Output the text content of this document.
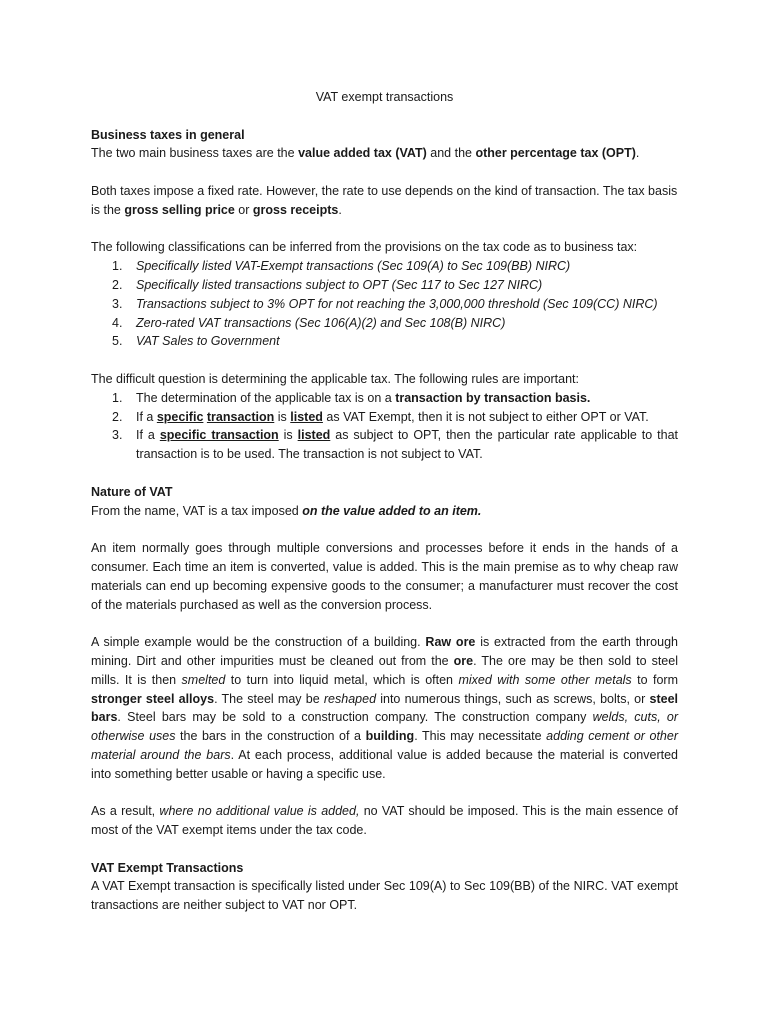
VAT exempt transactions

Business taxes in general

The two main business taxes are the value added tax (VAT) and the other percentage tax (OPT).

Both taxes impose a fixed rate. However, the rate to use depends on the kind of transaction. The tax basis is the gross selling price or gross receipts.

The following classifications can be inferred from the provisions on the tax code as to business tax:

1. Specifically listed VAT-Exempt transactions (Sec 109(A) to Sec 109(BB) NIRC)
2. Specifically listed transactions subject to OPT (Sec 117 to Sec 127 NIRC)
3. Transactions subject to 3% OPT for not reaching the 3,000,000 threshold (Sec 109(CC) NIRC)
4. Zero-rated VAT transactions (Sec 106(A)(2) and Sec 108(B) NIRC)
5. VAT Sales to Government

The difficult question is determining the applicable tax. The following rules are important:

1. The determination of the applicable tax is on a transaction by transaction basis.
2. If a specific transaction is listed as VAT Exempt, then it is not subject to either OPT or VAT.
3. If a specific transaction is listed as subject to OPT, then the particular rate applicable to that transaction is to be used. The transaction is not subject to VAT.

Nature of VAT

From the name, VAT is a tax imposed on the value added to an item.

An item normally goes through multiple conversions and processes before it ends in the hands of a consumer. Each time an item is converted, value is added. This is the main premise as to why cheap raw materials can end up becoming expensive goods to the consumer; a manufacturer must recover the cost of the materials purchased as well as the conversion process.

A simple example would be the construction of a building. Raw ore is extracted from the earth through mining. Dirt and other impurities must be cleaned out from the ore. The ore may be then sold to steel mills. It is then smelted to turn into liquid metal, which is often mixed with some other metals to form stronger steel alloys. The steel may be reshaped into numerous things, such as screws, bolts, or steel bars. Steel bars may be sold to a construction company. The construction company welds, cuts, or otherwise uses the bars in the construction of a building. This may necessitate adding cement or other material around the bars. At each process, additional value is added because the material is converted into something better usable or having a specific use.

As a result, where no additional value is added, no VAT should be imposed. This is the main essence of most of the VAT exempt items under the tax code.

VAT Exempt Transactions

A VAT Exempt transaction is specifically listed under Sec 109(A) to Sec 109(BB) of the NIRC. VAT exempt transactions are neither subject to VAT nor OPT.
